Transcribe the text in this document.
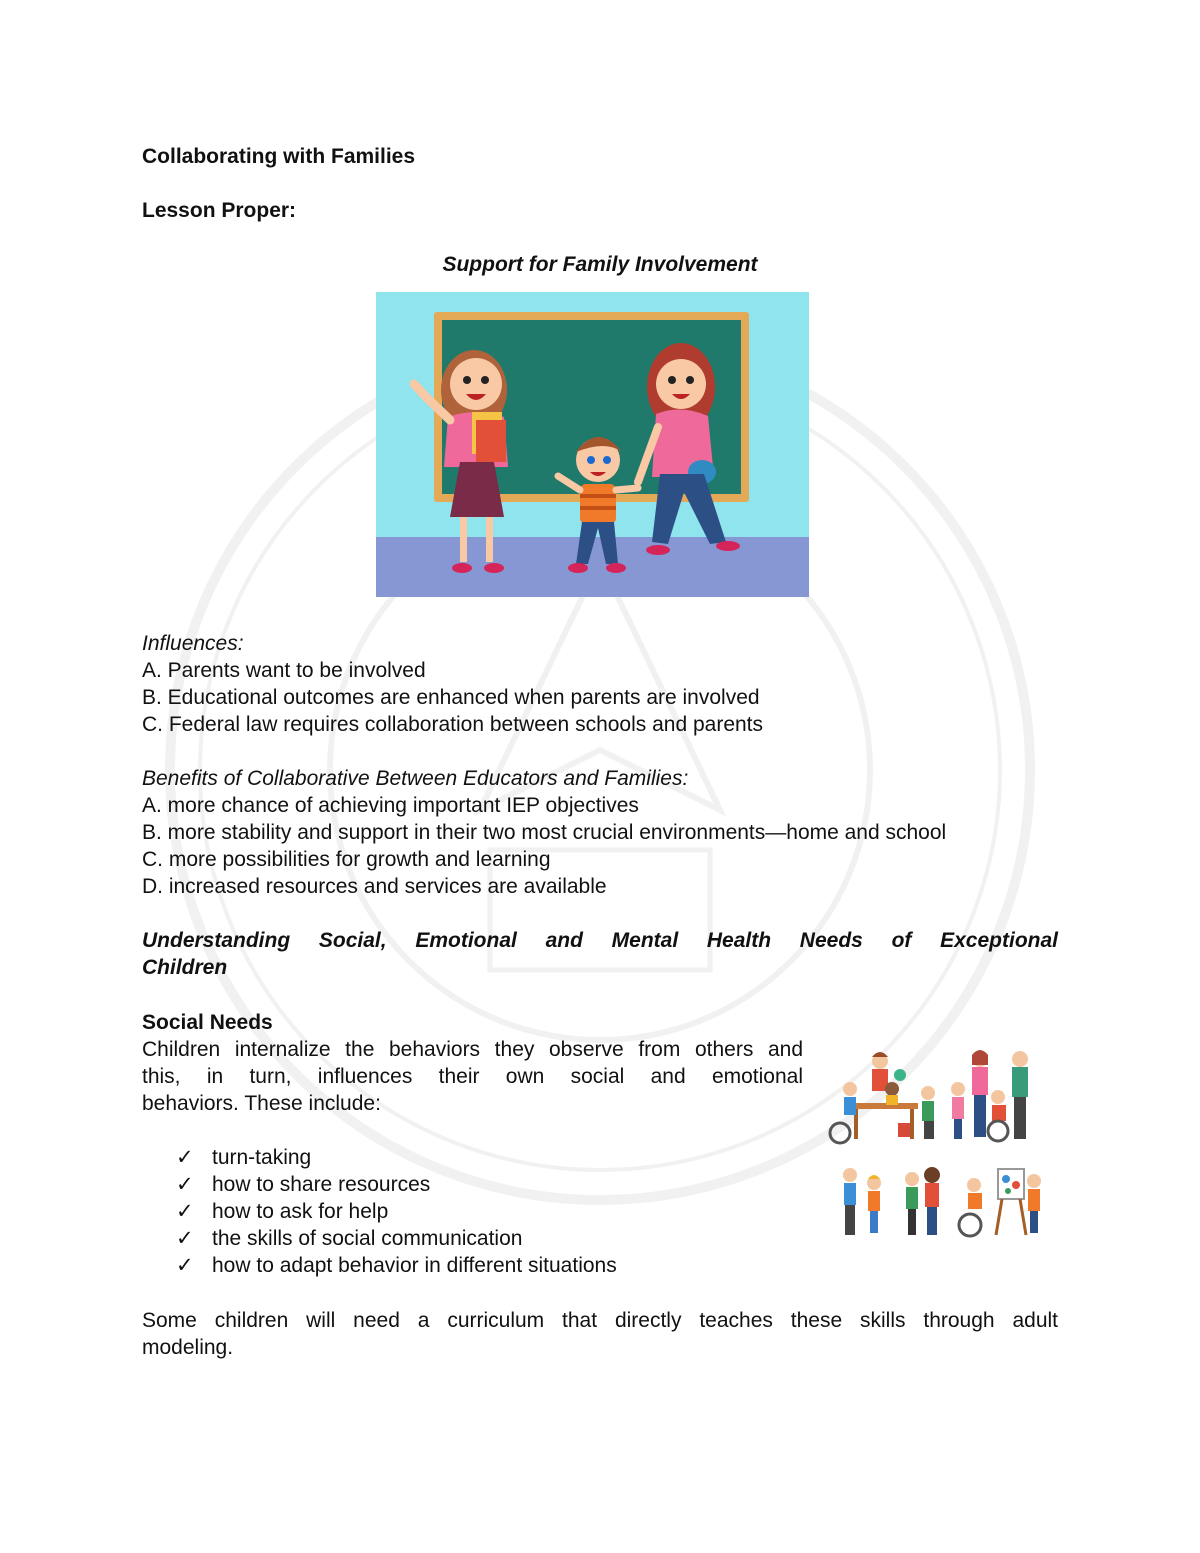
Collaborating with Families
Lesson Proper:
Support for Family Involvement
Influences:
A. Parents want to be involved
B. Educational outcomes are enhanced when parents are involved
C. Federal law requires collaboration between schools and parents
Benefits of Collaborative Between Educators and Families:
A. more chance of achieving important IEP objectives
B. more stability and support in their two most crucial environments—home and school
C. more possibilities for growth and learning
D. increased resources and services are available
Understanding Social, Emotional and Mental Health Needs of Exceptional
Children
Social Needs
Children internalize the behaviors they observe from others and
this, in turn, influences their own social and emotional
behaviors. These include:
✓ turn-taking
✓ how to share resources
✓ how to ask for help
✓ the skills of social communication
✓ how to adapt behavior in different situations
Some children will need a curriculum that directly teaches these skills through adult
modeling.
